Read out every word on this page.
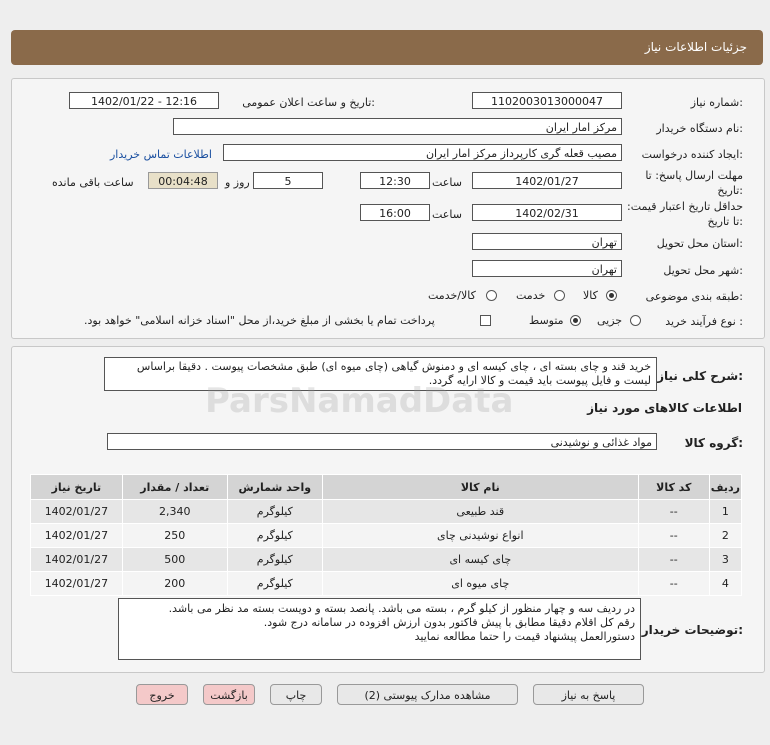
جزئیات اطلاعات نیاز
شماره نیاز:
1102003013000047
تاریخ و ساعت اعلان عمومی:
1402/01/22 - 12:16
نام دستگاه خریدار:
مرکز امار ایران
ایجاد کننده درخواست:
مصیب قعله گری کارپرداز مرکز امار ایران
اطلاعات تماس خریدار
مهلت ارسال پاسخ: تا تاریخ:
1402/01/27
ساعت
12:30
5
روز و
00:04:48
ساعت باقی مانده
حداقل تاریخ اعتبار قیمت: تا تاریخ:
1402/02/31
ساعت
16:00
استان محل تحویل:
تهران
شهر محل تحویل:
تهران
طبقه بندی موضوعی:
کالا
خدمت
کالا/خدمت
نوع فرآیند خرید :
جزیی
متوسط
پرداخت تمام یا بخشی از مبلغ خرید،از محل "اسناد خزانه اسلامی" خواهد بود.
شرح کلی نیاز:
خرید قند و چای بسته ای ، چای کیسه ای و دمنوش گیاهی (چای میوه ای) طبق مشخصات پیوست . دقیقا براساس لیست و فایل پیوست باید قیمت و کالا ارایه گردد.
اطلاعات کالاهای مورد نیاز
گروه کالا:
مواد غذائی و نوشیدنی
ردیف	کد کالا	نام کالا	واحد شمارش	تعداد / مقدار	تاریخ نیاز
1	--	قند طبیعی	کیلوگرم	2,340	1402/01/27
2	--	انواع نوشیدنی چای	کیلوگرم	250	1402/01/27
3	--	چای کیسه ای	کیلوگرم	500	1402/01/27
4	--	چای میوه ای	کیلوگرم	200	1402/01/27
توضیحات خریدار:
در ردیف سه و چهار منظور از کیلو گرم ، بسته می باشد. پانصد بسته و دویست بسته مد نظر می باشد.
رقم کل اقلام دقیقا مطابق با پیش فاکتور بدون ارزش افزوده در سامانه درج شود.
دستورالعمل پیشنهاد قیمت را حتما مطالعه نمایید
پاسخ به نیاز
مشاهده مدارک پیوستی (2)
چاپ
بازگشت
خروج
ParsNamadData
